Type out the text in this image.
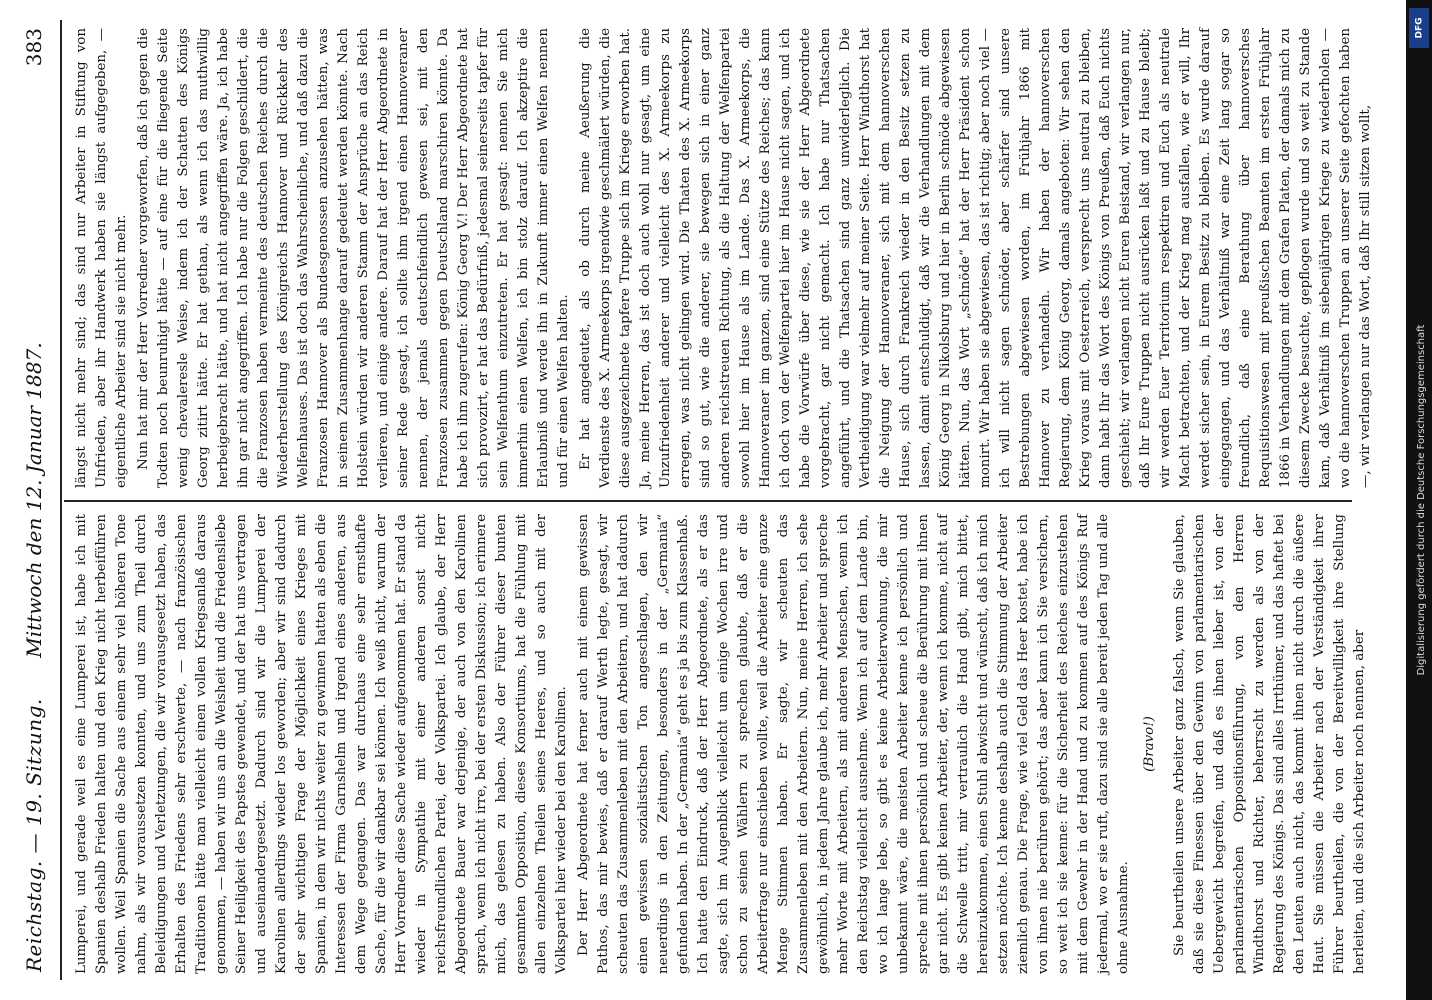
Reichstag. — 19. Sitzung.
Mittwoch den 12. Januar 1887.
383

Lumperei, und gerade weil es eine Lumperei ist, habe ich mit Spanien deshalb Frieden halten und den Krieg nicht herbeiführen wollen. Weil Spanien die Sache aus einem sehr viel höheren Tone nahm, als wir voraussetzen konnten, und uns zum Theil durch Beleidigungen und Verletzungen, die wir vorausgesetzt haben, das Erhalten des Friedens sehr erschwerte, — nach französischen Traditionen hätte man vielleicht einen vollen Kriegsanlaß daraus genommen, — haben wir uns an die Weisheit und die Friedensliebe Seiner Heiligkeit des Papstes gewendet, und der hat uns vertragen und auseinandergesetzt. Dadurch sind wir die Lumperei der Karolinen allerdings wieder los geworden; aber wir sind dadurch der sehr wichtigen Frage der Möglichkeit eines Krieges mit Spanien, in dem wir nichts weiter zu gewinnen hatten als eben die Interessen der Firma Garnshelm und irgend eines anderen, aus dem Wege gegangen. Das war durchaus eine sehr ernsthafte Sache, für die wir dankbar sei können. Ich weiß nicht, warum der Herr Vorredner diese Sache wieder aufgenommen hat. Er stand da wieder in Sympathie mit einer anderen sonst nicht reichsfreundlichen Partei, der Volkspartei. Ich glaube, der Herr Abgeordnete Bauer war derjenige, der auch von den Karolinen sprach, wenn ich nicht irre, bei der ersten Diskussion; ich erinnere mich, das gelesen zu haben. Also der Führer dieser bunten gesammten Opposition, dieses Konsortiums, hat die Fühlung mit allen einzelnen Theilen seines Heeres, und so auch mit der Volkspartei hier wieder bei den Karolinen. Der Herr Abgeordnete hat ferner auch mit einem gewissen Pathos, das mir bewies, daß er darauf Werth legte, gesagt, wir scheuten das Zusammenleben mit den Arbeitern, und hat dadurch einen gewissen sozialistischen Ton angeschlagen, den wir neuerdings in den Zeitungen, besonders in der „Germania“ gefunden haben. In der „Germania“ geht es ja bis zum Klassenhaß. Ich hatte den Eindruck, daß der Herr Abgeordnete, als er das sagte, sich im Augenblick vielleicht um einige Wochen irre und schon zu seinen Wählern zu sprechen glaubte, daß er die Arbeiterfrage nur einschieben wollte, weil die Arbeiter eine ganze Menge Stimmen haben. Er sagte, wir scheuten das Zusammenleben mit den Arbeitern. Nun, meine Herren, ich sehe gewöhnlich, in jedem Jahre glaube ich, mehr Arbeiter und spreche mehr Worte mit Arbeitern, als mit anderen Menschen, wenn ich den Reichstag vielleicht ausnehme. Wenn ich auf dem Lande bin, wo ich lange lebe, so gibt es keine Arbeiterwohnung, die mir unbekannt wäre, die meisten Arbeiter kenne ich persönlich und spreche mit ihnen persönlich und scheue die Berührung mit ihnen gar nicht. Es gibt keinen Arbeiter, der, wenn ich komme, nicht auf die Schwelle tritt, mir vertraulich die Hand gibt, mich bittet, hereinzukommen, einen Stuhl abwischt und wünscht, daß ich mich setzen möchte. Ich kenne deshalb auch die Stimmung der Arbeiter ziemlich genau. Die Frage, wie viel Geld das Heer kostet, habe ich von ihnen nie berühren gehört; das aber kann ich Sie versichern, so weit ich sie kenne: für die Sicherheit des Reiches einzustehen mit dem Gewehr in der Hand und zu kommen auf des Königs Ruf jedermal, wo er sie ruft, dazu sind sie alle bereit jeden Tag und alle ohne Ausnahme.

(Bravo!) Sie beurtheilen unsere Arbeiter ganz falsch, wenn Sie glauben, daß sie diese Finessen über den Gewinn von parlamentarischen Uebergewicht begreifen, und daß es ihnen lieber ist, von der parlamentarischen Oppositionsführung, von den Herren Windthorst und Richter, beherrscht zu werden als von der Regierung des Königs. Das sind alles Irrthümer, und das haftet bei den Leuten auch nicht, das kommt ihnen nicht durch die äußere Haut. Sie müssen die Arbeiter nach der Verständigkeit ihrer Führer beurtheilen, die von der Bereitwilligkeit ihre Stellung herleiten, und die sich Arbeiter noch nennen, aber

längst nicht mehr sind; das sind nur Arbeiter in Stiftung von Unfrieden, aber ihr Handwerk haben sie längst aufgegeben, — eigentliche Arbeiter sind sie nicht mehr. Nun hat mir der Herr Vorredner vorgeworfen, daß ich gegen die Todten noch beunruhigt hätte — auf eine für die fliegende Seite wenig chevaleresle Weise, indem ich der Schatten des Königs Georg zitirt hätte. Er hat gethan, als wenn ich das muthwillig herbeigebracht hätte, und hat nicht angegriffen wäre. Ja, ich habe ihn gar nicht angegriffen. Ich habe nur die Folgen geschildert, die die Franzosen haben vermeinte des deutschen Reiches durch die Wiederherstellung des Königreichs Hannover und Rückkehr des Welfenhauses. Das ist doch das Wahrscheinliche, und daß dazu die Franzosen Hannover als Bundesgenossen anzusehen hätten, was in seinem Zusammenhange darauf gedeutet werden könnte. Nach Holstein würden wir anderen Stamm der Ansprüche an das Reich verlieren, und einige andere. Darauf hat der Herr Abgeordnete in seiner Rede gesagt, ich sollte ihm irgend einen Hannoveraner nennen, der jemals deutschfeindlich gewesen sei, mit den Franzosen zusammen gegen Deutschland marschiren könnte. Da habe ich ihm zugerufen: König Georg V.! Der Herr Abgeordnete hat sich provozirt, er hat das Bedürfniß, jedesmal seinerseits tapfer für sein Welfenthum einzutreten. Er hat gesagt: nennen Sie mich immerhin einen Welfen, ich bin stolz darauf. Ich akzeptire die Erlaubniß und werde ihn in Zukunft immer einen Welfen nennen und für einen Welfen halten. Er hat angedeutet, als ob durch meine Aeußerung die Verdienste des X. Armeekorps irgendwie geschmälert würden, die diese ausgezeichnete tapfere Truppe sich im Kriege erworben hat. Ja, meine Herren, das ist doch auch wohl nur gesagt, um eine Unzufriedenheit anderer und vielleicht des X. Armeekorps zu erregen, was nicht gelingen wird. Die Thaten des X. Armeekorps sind so gut, wie die anderer, sie bewegen sich in einer ganz anderen reichstreuen Richtung, als die Haltung der Welfenpartei sowohl hier im Hause als im Lande. Das X. Armeekorps, die Hannoveraner im ganzen, sind eine Stütze des Reiches; das kann ich doch von der Welfenpartei hier im Hause nicht sagen, und ich habe die Vorwürfe über diese, wie sie der Herr Abgeordnete vorgebracht, gar nicht gemacht. Ich habe nur Thatsachen angeführt, und die Thatsachen sind ganz unwiderleglich. Die Vertheidigung war vielmehr auf meiner Seite. Herr Windthorst hat die Neigung der Hannoveraner, sich mit dem hannoverschen Hause, sich durch Frankreich wieder in den Besitz setzen zu lassen, damit entschuldigt, daß wir die Verhandlungen mit dem König Georg in Nikolsburg und hier in Berlin schnöde abgewiesen hätten. Nun, das Wort „schnöde“ hat der Herr Präsident schon monirt. Wir haben sie abgewiesen, das ist richtig; aber noch viel — ich will nicht sagen schnöder, aber schärfer sind unsere Bestrebungen abgewiesen worden, im Frühjahr 1866 mit Hannover zu verhandeln. Wir haben der hannoverschen Regierung, dem König Georg, damals angeboten: Wir sehen den Krieg voraus mit Oesterreich, versprecht uns neutral zu bleiben, dann habt Ihr das Wort des Königs von Preußen, daß Euch nichts geschieht; wir verlangen nicht Euren Beistand, wir verlangen nur, daß Ihr Eure Truppen nicht ausrücken laßt und zu Hause bleibt; wir werden Euer Territorium respektiren und Euch als neutrale Macht betrachten, und der Krieg mag ausfallen, wie er will, Ihr werdet sicher sein, in Eurem Besitz zu bleiben. Es wurde darauf eingegangen, und das Verhältniß war eine Zeit lang sogar so freundlich, daß eine Berathung über hannoversches Requisitionswesen mit preußischen Beamten im ersten Frühjahr 1866 in Verhandlungen mit dem Grafen Platen, der damals mich zu diesem Zwecke besuchte, gepflogen wurde und so weit zu Stande kam, daß Verhältniß im siebenjährigen Kriege zu wiederholen — wo die hannoverschen Truppen an unserer Seite gefochten haben —, wir verlangen nur das Wort, daß Ihr still sitzen wollt,

DFG
Digitalisierung gefördert durch die Deutsche Forschungsgemeinschaft
